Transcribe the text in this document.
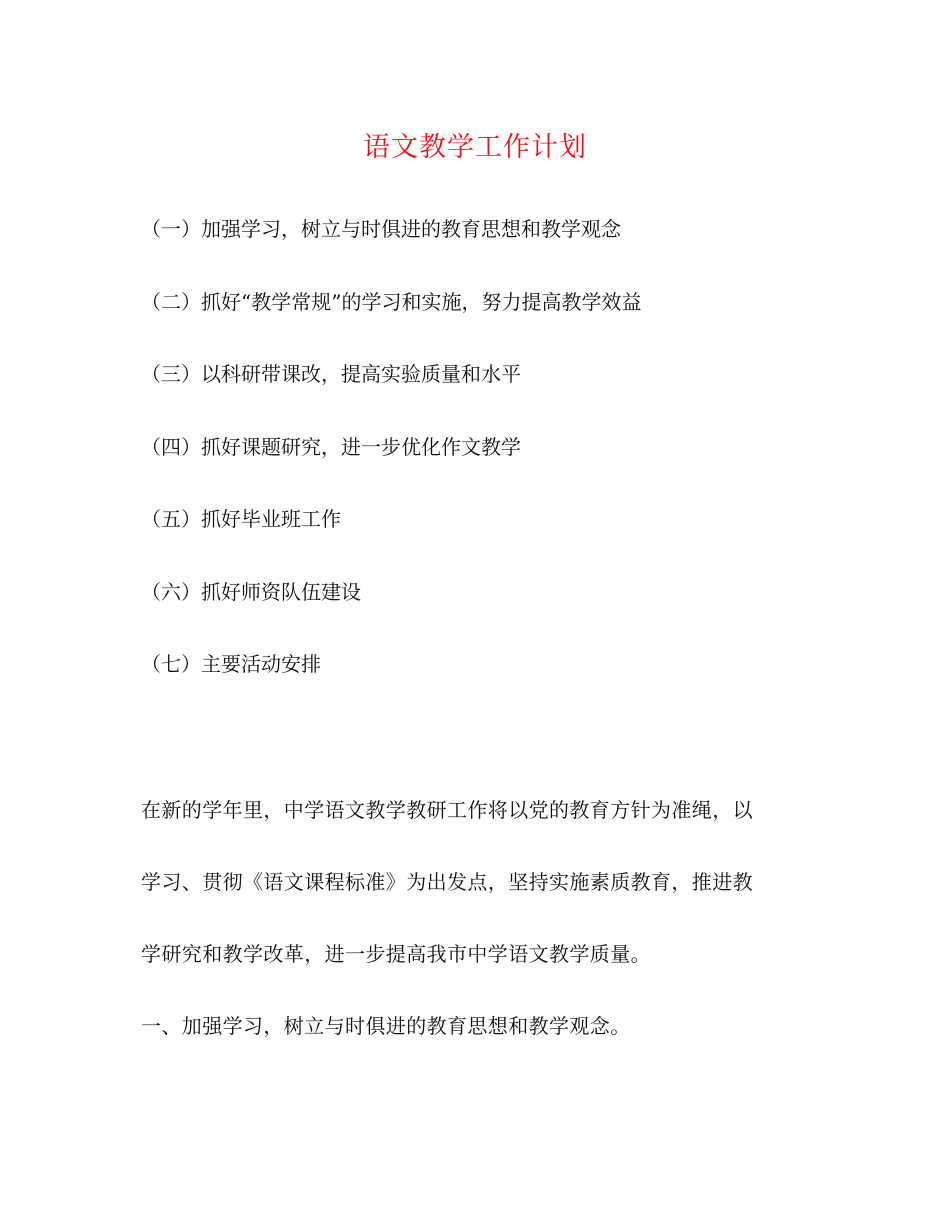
语文教学工作计划
（一）加强学习，树立与时俱进的教育思想和教学观念
（二）抓好“教学常规”的学习和实施，努力提高教学效益
（三）以科研带课改，提高实验质量和水平
（四）抓好课题研究，进一步优化作文教学
（五）抓好毕业班工作
（六）抓好师资队伍建设
（七）主要活动安排
在新的学年里，中学语文教学教研工作将以党的教育方针为准绳，以
学习、贯彻《语文课程标准》为出发点，坚持实施素质教育，推进教
学研究和教学改革，进一步提高我市中学语文教学质量。
一、加强学习，树立与时俱进的教育思想和教学观念。
